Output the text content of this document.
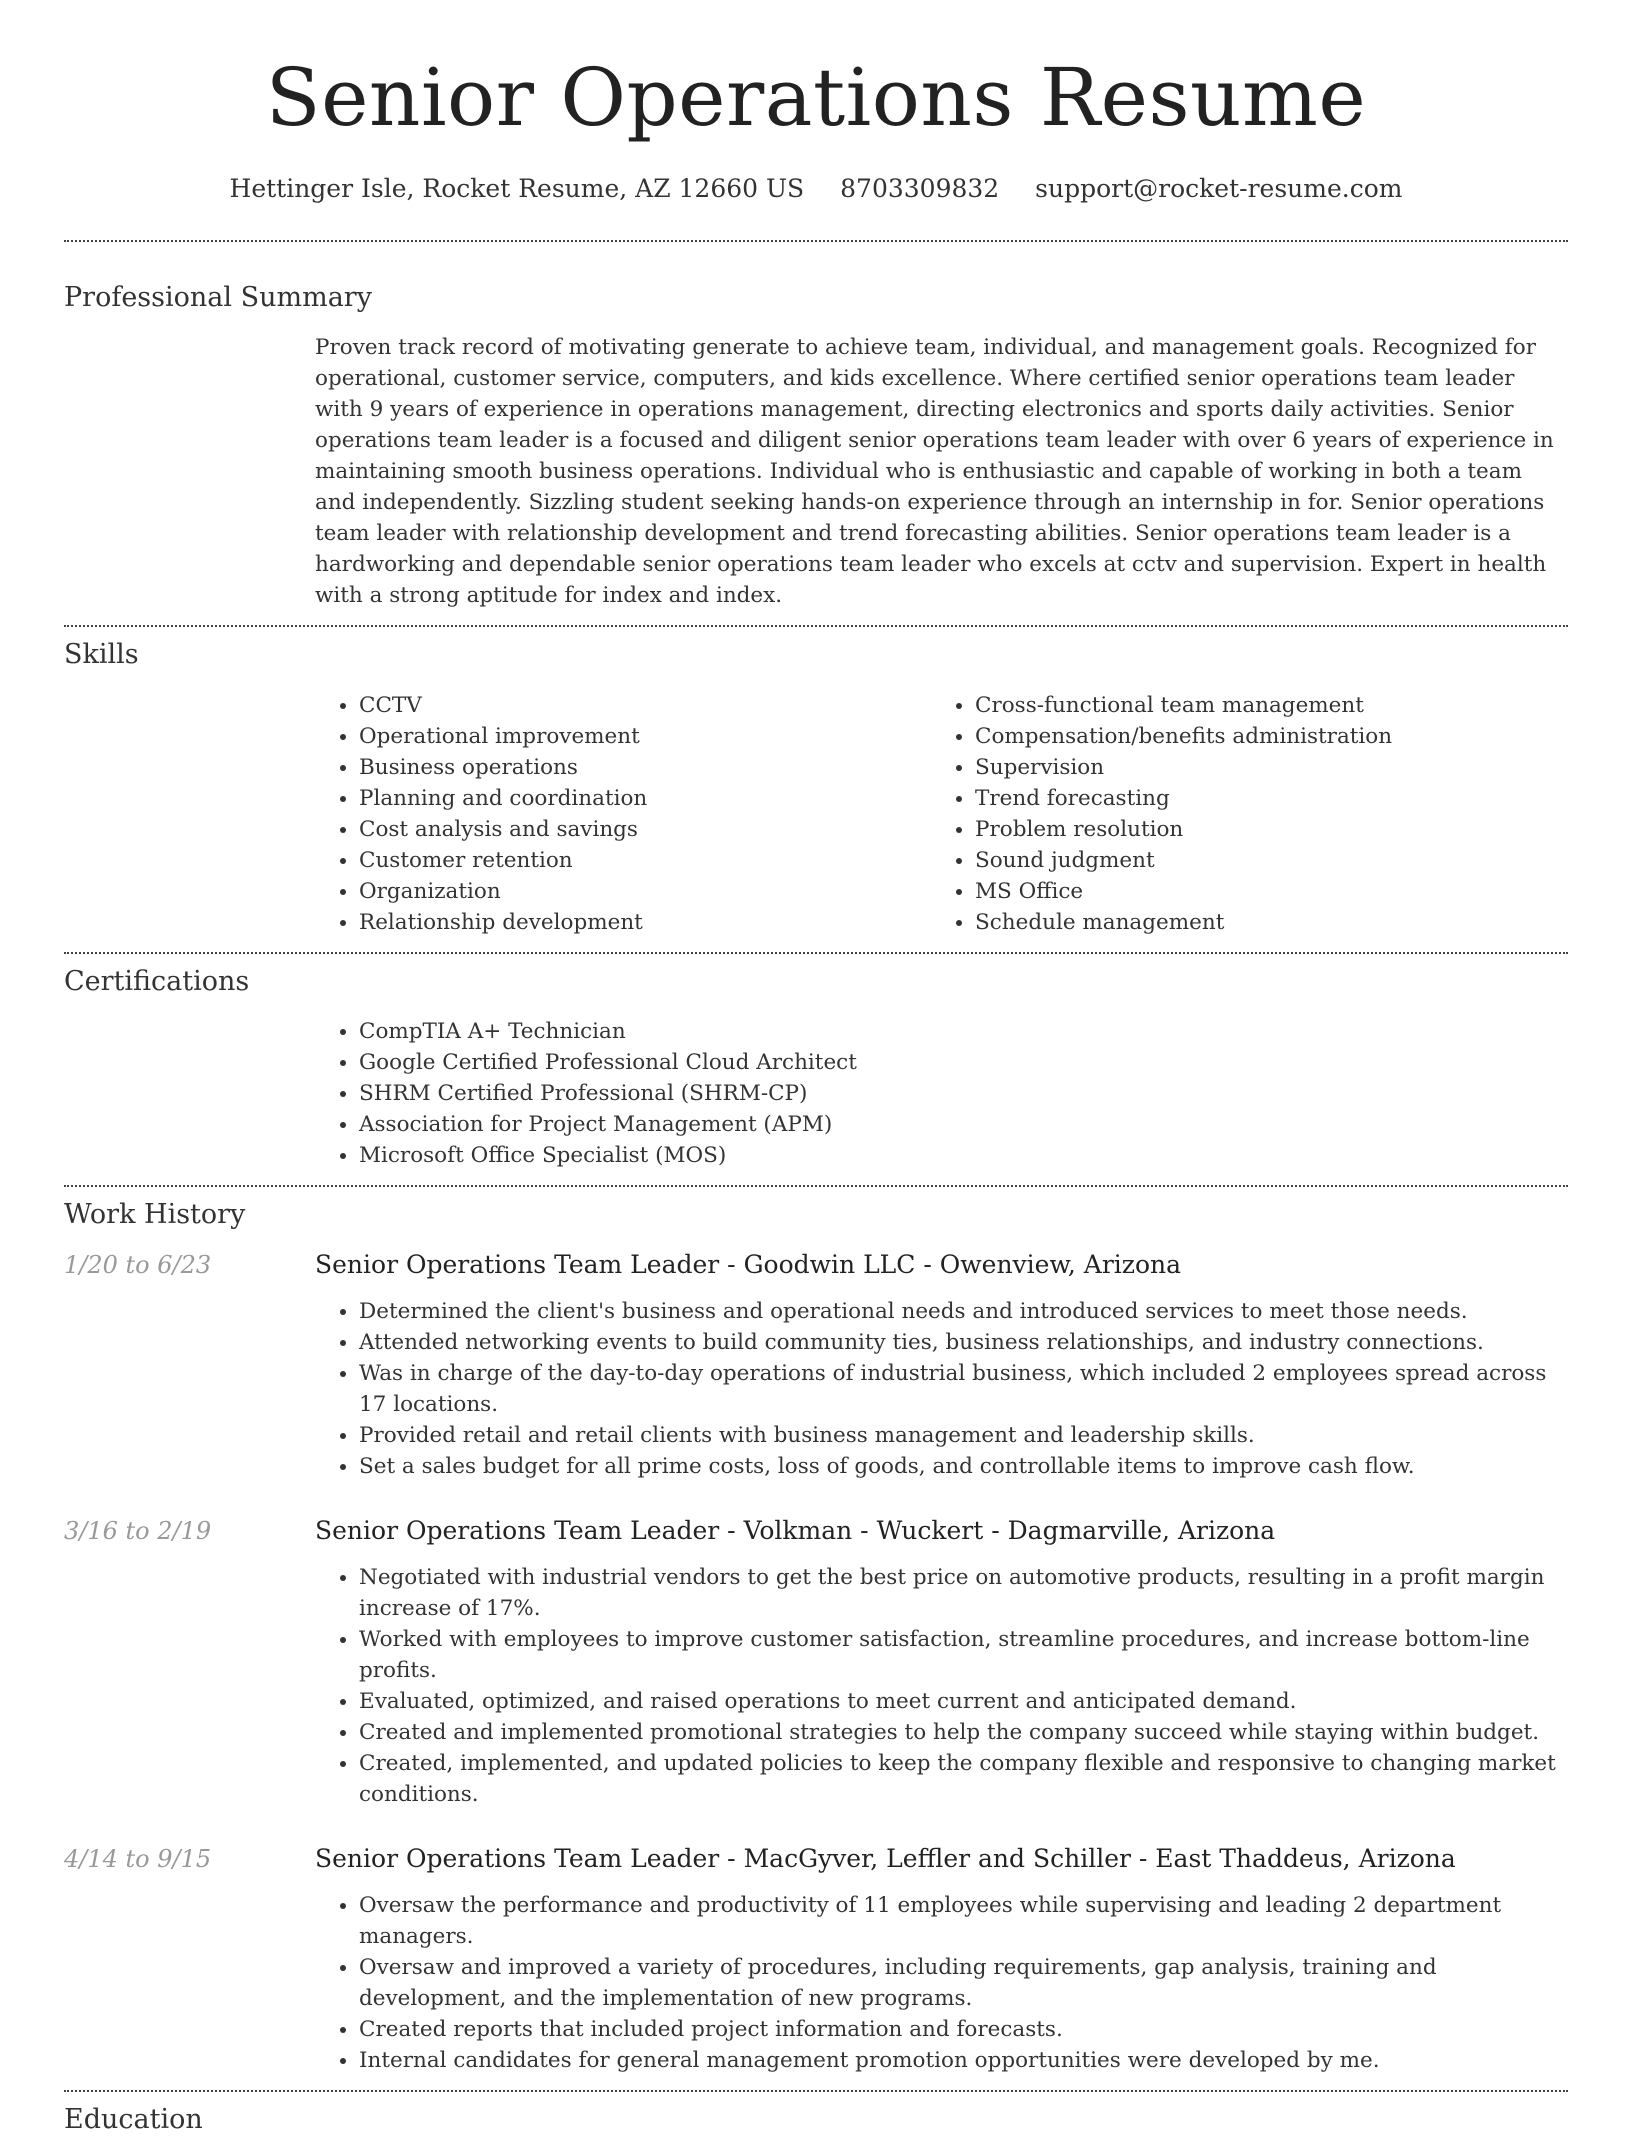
Senior Operations Resume
Hettinger Isle, Rocket Resume, AZ 12660 US 8703309832 support@rocket-resume.com
Professional Summary

Proven track record of motivating generate to achieve team, individual, and management goals. Recognized for operational, customer service, computers, and kids excellence. Where certified senior operations team leader with 9 years of experience in operations management, directing electronics and sports daily activities. Senior operations team leader is a focused and diligent senior operations team leader with over 6 years of experience in maintaining smooth business operations. Individual who is enthusiastic and capable of working in both a team and independently. Sizzling student seeking hands-on experience through an internship in for. Senior operations team leader with relationship development and trend forecasting abilities. Senior operations team leader is a hardworking and dependable senior operations team leader who excels at cctv and supervision. Expert in health with a strong aptitude for index and index.

Skills
• CCTV
• Operational improvement
• Business operations
• Planning and coordination
• Cost analysis and savings
• Customer retention
• Organization
• Relationship development
• Cross-functional team management
• Compensation/benefits administration
• Supervision
• Trend forecasting
• Problem resolution
• Sound judgment
• MS Office
• Schedule management
Certifications
• CompTIA A+ Technician
• Google Certified Professional Cloud Architect
• SHRM Certified Professional (SHRM-CP)
• Association for Project Management (APM)
• Microsoft Office Specialist (MOS)
Work History
1/20 to 6/23	Senior Operations Team Leader - Goodwin LLC - Owenview, Arizona
• Determined the client's business and operational needs and introduced services to meet those needs.
• Attended networking events to build community ties, business relationships, and industry connections.
• Was in charge of the day-to-day operations of industrial business, which included 2 employees spread across 17 locations.
• Provided retail and retail clients with business management and leadership skills.
• Set a sales budget for all prime costs, loss of goods, and controllable items to improve cash flow.
3/16 to 2/19	Senior Operations Team Leader - Volkman - Wuckert - Dagmarville, Arizona
• Negotiated with industrial vendors to get the best price on automotive products, resulting in a profit margin increase of 17%.
• Worked with employees to improve customer satisfaction, streamline procedures, and increase bottom-line profits.
• Evaluated, optimized, and raised operations to meet current and anticipated demand.
• Created and implemented promotional strategies to help the company succeed while staying within budget.
• Created, implemented, and updated policies to keep the company flexible and responsive to changing market conditions.
4/14 to 9/15	Senior Operations Team Leader - MacGyver, Leffler and Schiller - East Thaddeus, Arizona
• Oversaw the performance and productivity of 11 employees while supervising and leading 2 department managers.
• Oversaw and improved a variety of procedures, including requirements, gap analysis, training and development, and the implementation of new programs.
• Created reports that included project information and forecasts.
• Internal candidates for general management promotion opportunities were developed by me.
Education
